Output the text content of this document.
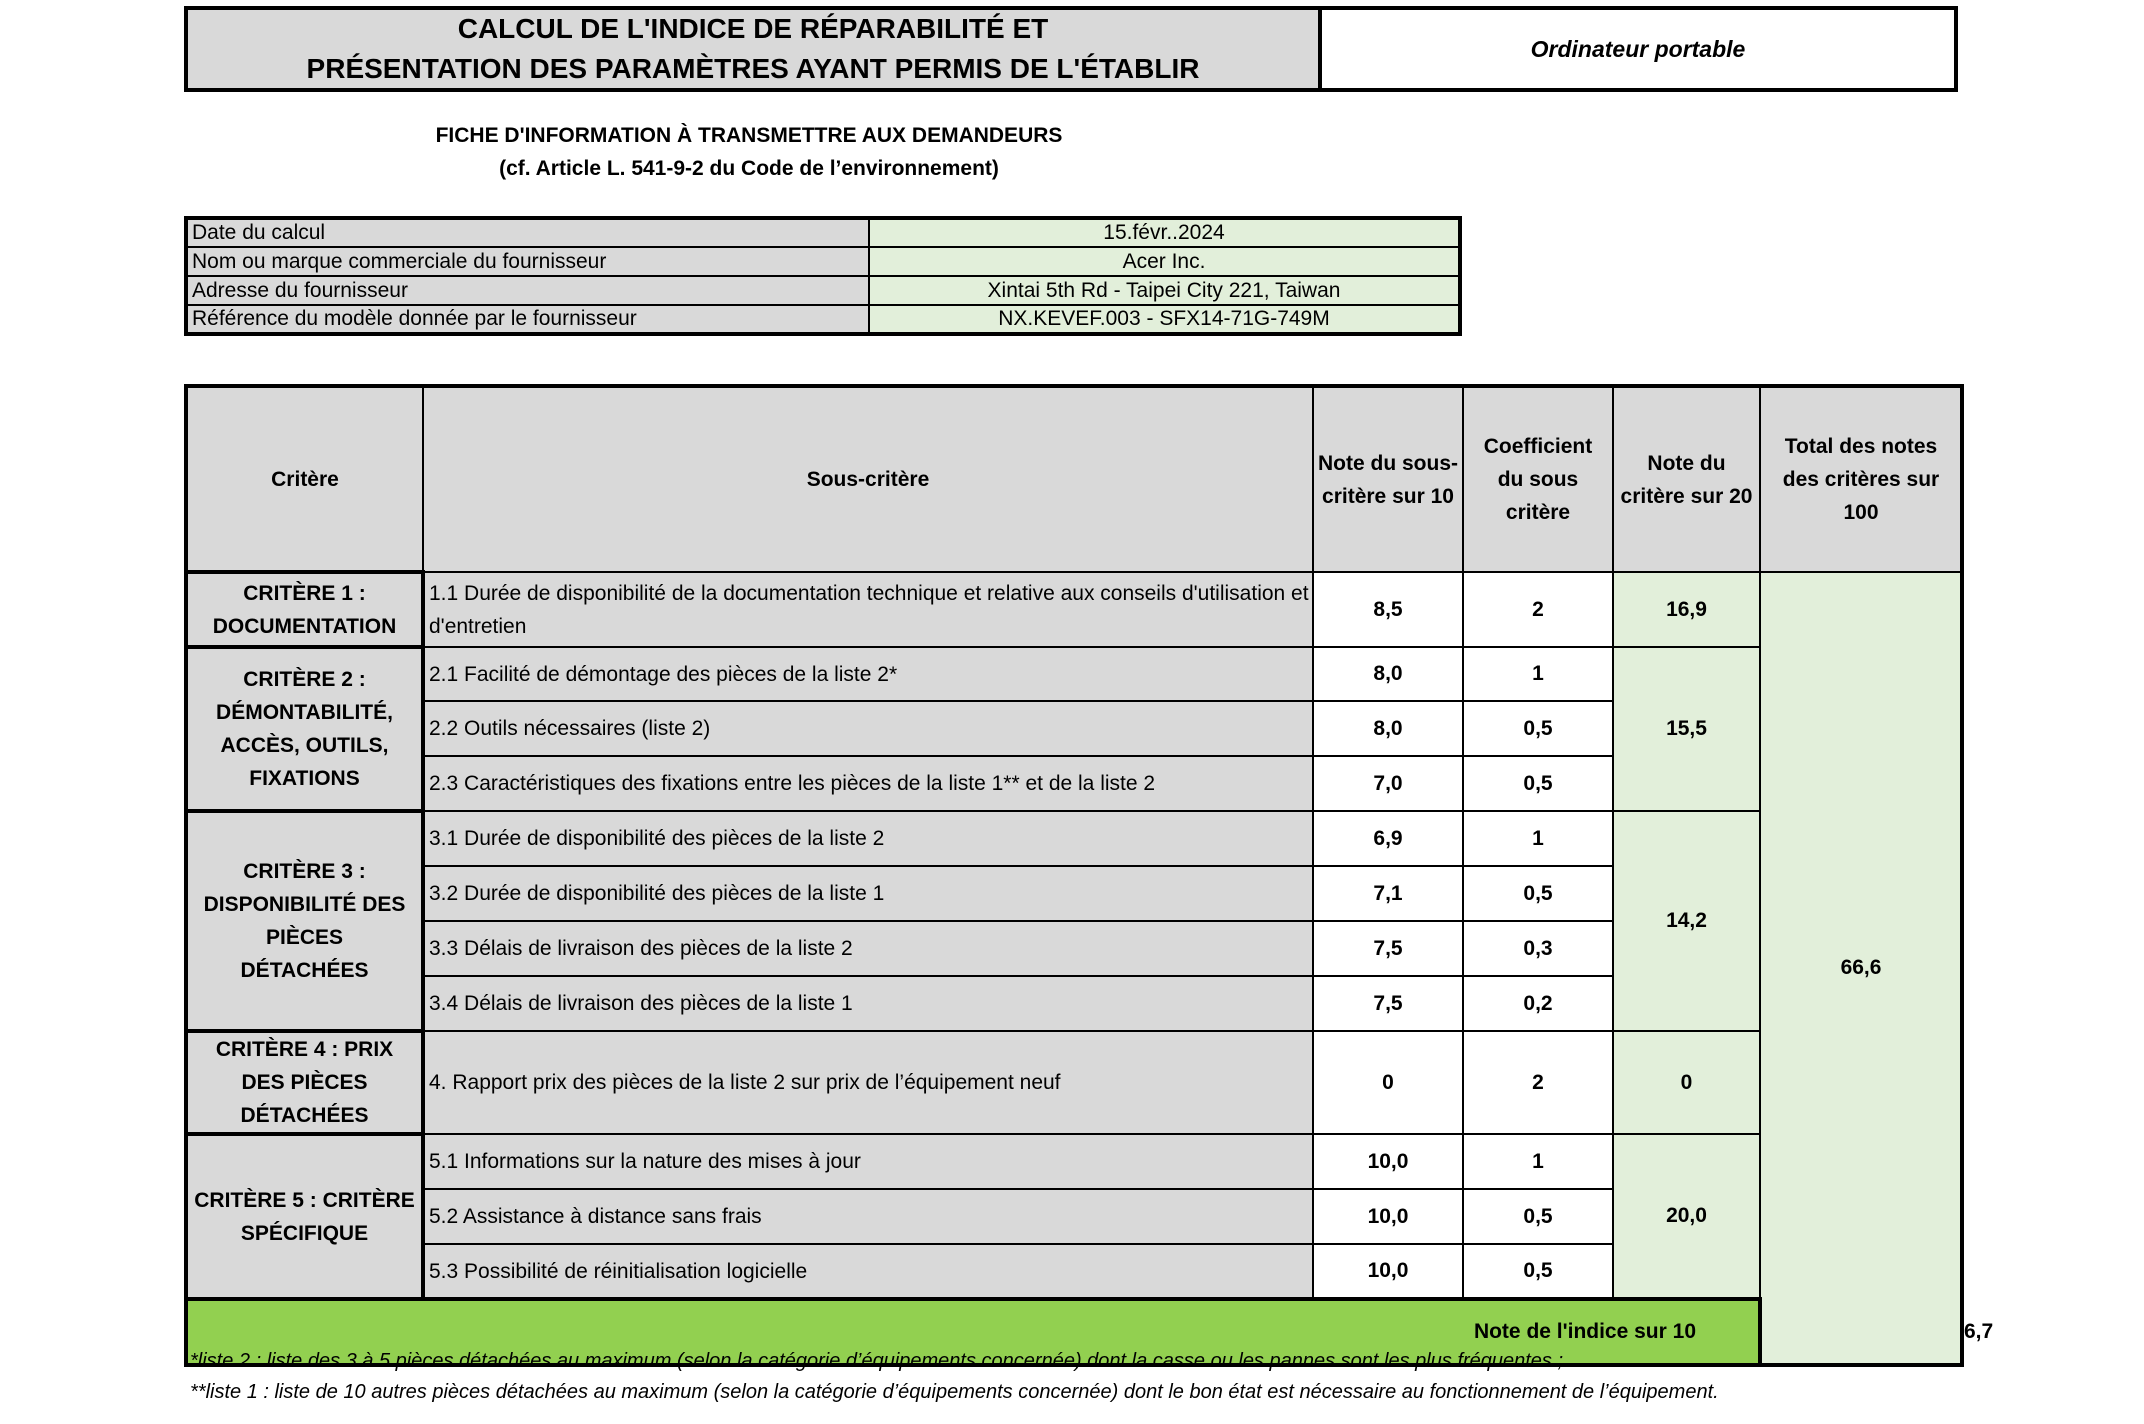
CALCUL DE L'INDICE DE RÉPARABILITÉ ET
PRÉSENTATION DES PARAMÈTRES AYANT PERMIS DE L'ÉTABLIR
Ordinateur portable
FICHE D'INFORMATION À TRANSMETTRE AUX DEMANDEURS
(cf. Article L. 541-9-2 du Code de l’environnement)
Date du calcul	15.févr..2024
Nom ou marque commerciale du fournisseur	Acer Inc.
Adresse du fournisseur	Xintai 5th Rd - Taipei City 221, Taiwan
Référence du modèle donnée par le fournisseur	NX.KEVEF.003 - SFX14-71G-749M
Critère	Sous-critère	Note du sous-critère sur 10	Coefficient du sous critère	Note du critère sur 20	Total des notes des critères sur 100	
CRITÈRE 1 : DOCUMENTATION	1.1 Durée de disponibilité de la documentation technique et relative aux conseils d'utilisation et d'entretien	8,5	2	16,9	66,6	
CRITÈRE 2 : DÉMONTABILITÉ, ACCÈS, OUTILS, FIXATIONS	2.1 Facilité de démontage des pièces de la liste 2*	8,0	1	15,5		
	2.2 Outils nécessaires (liste 2)	8,0	0,5			
	2.3 Caractéristiques des fixations entre les pièces de la liste 1** et de la liste 2	7,0	0,5			
CRITÈRE 3 : DISPONIBILITÉ DES PIÈCES DÉTACHÉES	3.1 Durée de disponibilité des pièces de la liste 2	6,9	1	14,2		
	3.2 Durée de disponibilité des pièces de la liste 1	7,1	0,5			
	3.3 Délais de livraison des pièces de la liste 2	7,5	0,3			
	3.4 Délais de livraison des pièces de la liste 1	7,5	0,2			
CRITÈRE 4 : PRIX DES PIÈCES DÉTACHÉES	4. Rapport prix des pièces de la liste 2 sur prix de l’équipement neuf	0	2	0		
CRITÈRE 5 : CRITÈRE SPÉCIFIQUE	5.1 Informations sur la nature des mises à jour	10,0	1	20,0		
	5.2 Assistance à distance sans frais	10,0	0,5			
	5.3 Possibilité de réinitialisation logicielle	10,0	0,5			
Note de l'indice sur 10						6,7
*liste 2 : liste des 3 à 5 pièces détachées au maximum (selon la catégorie d’équipements concernée) dont la casse ou les pannes sont les plus fréquentes ;
**liste 1 : liste de 10 autres pièces détachées au maximum (selon la catégorie d’équipements concernée) dont le bon état est nécessaire au fonctionnement de l’équipement.
